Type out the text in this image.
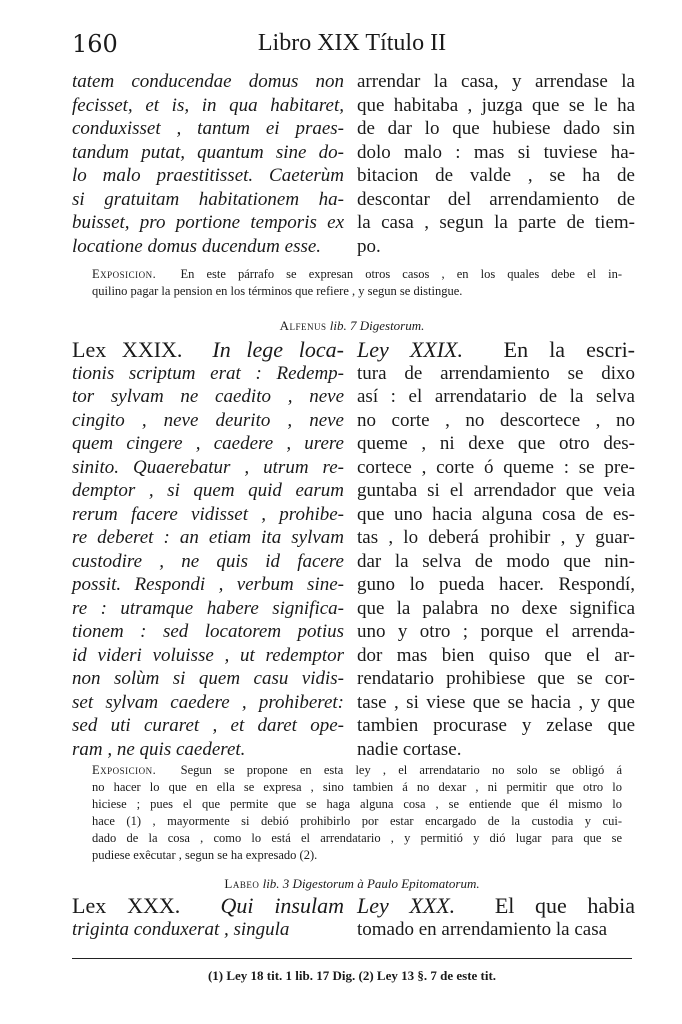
160	Libro XIX Título II
tatem conducendae domus non
fecisset, et is, in qua habitaret,
conduxisset , tantum ei praes-
tandum putat, quantum sine do-
lo malo praestitisset. Caeterùm
si gratuitam habitationem ha-
buisset, pro portione temporis ex
locatione domus ducendum esse.
arrendar la casa, y arrendase la
que habitaba , juzga que se le ha
de dar lo que hubiese dado sin
dolo malo : mas si tuviese ha-
bitacion de valde , se ha de
descontar del arrendamiento de
la casa , segun la parte de tiem-
po.
Exposicion. En este párrafo se expresan otros casos , en los quales debe el in-
quilino pagar la pension en los términos que refiere , y segun se distingue.
Alfenus lib. 7 Digestorum.
Lex XXIX. In lege loca-
tionis scriptum erat : Redemp-
tor sylvam ne caedito , neve
cingito , neve deurito , neve
quem cingere , caedere , urere
sinito. Quaerebatur , utrum re-
demptor , si quem quid earum
rerum facere vidisset , prohibe-
re deberet : an etiam ita sylvam
custodire , ne quis id facere
possit. Respondi , verbum sine-
re : utramque habere significa-
tionem : sed locatorem potius
id videri voluisse , ut redemptor
non solùm si quem casu vidis-
set sylvam caedere , prohiberet:
sed uti curaret , et daret ope-
ram , ne quis caederet.
Ley XXIX. En la escri-
tura de arrendamiento se dixo
así : el arrendatario de la selva
no corte , no descortece , no
queme , ni dexe que otro des-
cortece , corte ó queme : se pre-
guntaba si el arrendador que veia
que uno hacia alguna cosa de es-
tas , lo deberá prohibir , y guar-
dar la selva de modo que nin-
guno lo pueda hacer. Respondí,
que la palabra no dexe significa
uno y otro ; porque el arrenda-
dor mas bien quiso que el ar-
rendatario prohibiese que se cor-
tase , si viese que se hacia , y que
tambien procurase y zelase que
nadie cortase.
Exposicion. Segun se propone en esta ley , el arrendatario no solo se obligó á
no hacer lo que en ella se expresa , sino tambien á no dexar , ni permitir que otro lo
hiciese ; pues el que permite que se haga alguna cosa , se entiende que él mismo lo
hace (1) , mayormente si debió prohibirlo por estar encargado de la custodia y cui-
dado de la cosa , como lo está el arrendatario , y permitió y dió lugar para que se
pudiese exêcutar , segun se ha expresado (2).
Labeo lib. 3 Digestorum à Paulo Epitomatorum.
Lex XXX. Qui insulam
triginta conduxerat , singula
Ley XXX. El que habia
tomado en arrendamiento la casa
(1) Ley 18 tit. 1 lib. 17 Dig. (2) Ley 13 §. 7 de este tit.
